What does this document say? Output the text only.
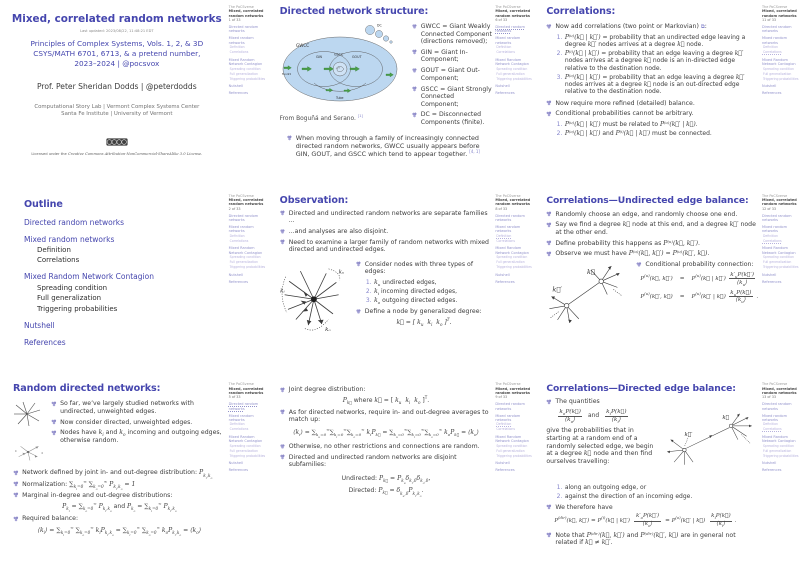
Mixed, correlated random networks
Last updated: 2023/08/22, 11:48:21 EDT
Principles of Complex Systems, Vols. 1, 2, & 3D
CSYS/MATH 6701, 6713, & a pretend number,
2023–2024 | @pocsvox
Prof. Peter Sheridan Dodds | @peterdodds
Computational Story Lab | Vermont Complex Systems Center
Santa Fe Institute | University of Vermont
Licensed under the Creative Commons Attribution-NonCommercial-ShareAlike 3.0 License.
The PoCSverse
Mixed, correlated random networks
1 of 33
Directed random networks
Mixed random networks
Definition
Correlations
Mixed Random Network Contagion
Spreading condition
Full generalization
Triggering probabilities
Nutshell
References
Directed network structure:
GWCC
DC
GIN
GSCC
GOUT
Tendril
Tube
From Boguñá and Serano. [1]
GWCC = Giant Weakly Connected Component (directions removed);
GIN = Giant In-Component;
GOUT = Giant Out-Component;
GSCC = Giant Strongly Connected Component;
DC = Disconnected Components (finite).
When moving through a family of increasingly connected directed random networks, GWCC usually appears before GIN, GOUT, and GSCC which tend to appear together. [4, 1]
The PoCSverse
Mixed, correlated random networks
6 of 33
Directed random networks
Mixed random networks
Definition
Correlations
Mixed Random Network Contagion
Spreading condition
Full generalization
Triggering probabilities
Nutshell
References
Correlations:
Now add correlations (two point or Markovian) ⧉:
1. P⁽ᵘ⁾(k⃗ | k⃗′) = probability that an undirected edge leaving a degree k⃗′ nodes arrives at a degree k⃗ node.
2. P⁽ⁱ⁾(k⃗ | k⃗′) = probability that an edge leaving a degree k⃗′ nodes arrives at a degree k⃗ node is an in-directed edge relative to the destination node.
3. P⁽ᵒ⁾(k⃗ | k⃗′) = probability that an edge leaving a degree k⃗′ nodes arrives at a degree k⃗ node is an out-directed edge relative to the destination node.
Now require more refined (detailed) balance.
Conditional probabilities cannot be arbitrary.
1. P⁽ᵘ⁾(k⃗ | k⃗′) must be related to P⁽ᵘ⁾(k⃗′ | k⃗).
2. P⁽ᵒ⁾(k⃗ | k⃗′) and P⁽ⁱ⁾(k⃗ | k⃗′) must be connected.
The PoCSverse
Mixed, correlated random networks
11 of 33
Directed random networks
Mixed random networks
Definition
Correlations
Mixed Random Network Contagion
Spreading condition
Full generalization
Triggering probabilities
Nutshell
References
Outline
Directed random networks
Mixed random networks
Definition
Correlations
Mixed Random Network Contagion
Spreading condition
Full generalization
Triggering probabilities
Nutshell
References
The PoCSverse
Mixed, correlated random networks
2 of 33
Directed random networks
Mixed random networks
Definition
Correlations
Mixed Random Network Contagion
Spreading condition
Full generalization
Triggering probabilities
Nutshell
References
Observation:
Directed and undirected random networks are separate families ...
...and analyses are also disjoint.
Need to examine a larger family of random networks with mixed directed and undirected edges.
kᵤ
kᵢ
kₒ
Consider nodes with three types of edges:
1. $k_u$ undirected edges,
2. $k_i$ incoming directed edges,
3. $k_o$ outgoing directed edges.
Define a node by generalized degree:
k⃗ = [ $k_u$  $k_i$  $k_o$ ]$^T$.
The PoCSverse
Mixed, correlated random networks
8 of 33
Directed random networks
Mixed random networks
Definition
Correlations
Mixed Random Network Contagion
Spreading condition
Full generalization
Triggering probabilities
Nutshell
References
Correlations—Undirected edge balance:
Randomly choose an edge, and randomly choose one end.
Say we find a degree k⃗ node at this end, and a degree k⃗′ node at the other end.
Define probability this happens as P⁽ᵘ⁾(k⃗, k⃗′).
Observe we must have P⁽ᵘ⁾(k⃗, k⃗′) = P⁽ᵘ⁾(k⃗′, k⃗).
k⃗
k⃗′
Conditional probability connection:
$P^{(u)}(k⃗$, k⃗′) = $P^{(u)}(k⃗$ | k⃗′) $\frac{k'_uP(k⃗')}{⟨k_u⟩}$
$P^{(u)}(k⃗'$, k⃗) = $P^{(u)}(k⃗'$ | k⃗) $\frac{k_uP(k⃗)}{⟨k_u⟩}$ .
The PoCSverse
Mixed, correlated random networks
12 of 33
Directed random networks
Mixed random networks
Definition
Correlations
Mixed Random Network Contagion
Spreading condition
Full generalization
Triggering probabilities
Nutshell
References
Random directed networks:

So far, we’ve largely studied networks with undirected, unweighted edges.
Now consider directed, unweighted edges.
Nodes have $k_i$ and $k_o$ incoming and outgoing edges, otherwise random.
Network defined by joint in- and out-degree distribution: $P_{k_i,k_o}$
Normalization: $\sum_{k_i=0}^\infty$ $\sum_{k_o=0}^\infty$ $P_{k_i,k_o} = 1$
Marginal in-degree and out-degree distributions:
$P_{k_i} = \sum_{k_o=0}^\infty$ $P_{k_i,k_o}$ and $P_{k_o} = \sum_{k_i=0}^\infty$ $P_{k_i,k_o}$
Required balance:
$⟨k_i⟩ = \sum_{k_i=0}^\infty$ $\sum_{k_o=0}^\infty$ $k_iP_{k_i,k_o} = \sum_{k_i=0}^\infty$ $\sum_{k_o=0}^\infty$ $k_oP_{k_i,k_o}$ = $⟨k_o⟩$
The PoCSverse
Mixed, correlated random networks
5 of 33
Directed random networks
Mixed random networks
Definition
Correlations
Mixed Random Network Contagion
Spreading condition
Full generalization
Triggering probabilities
Nutshell
References
Joint degree distribution:
$P_{k⃗}$ where k⃗ = [ $k_u$ $k_i$ $k_o$ ]$^T$.
As for directed networks, require in- and out-degree averages to match up:
$⟨k_i⟩ = \sum_{k_u=0}^\infty\sum_{k_i=0}^\infty\sum_{k_o=0}^\infty$ $k_iP_{k⃗} = \sum_{k_u=0}^\infty\sum_{k_i=0}^\infty\sum_{k_o=0}^\infty$ $k_oP_{k⃗}$ = $⟨k_o⟩$
Otherwise, no other restrictions and connections are random.
Directed and undirected random networks are disjoint subfamilies:
Undirected: $P_{k⃗} = P_{k_u}\delta_{k_i,0}\delta_{k_o,0}$,
Directed: $P_{k⃗} = \delta_{k_u,0}P_{k_i,k_o}$.
The PoCSverse
Mixed, correlated random networks
9 of 33
Directed random networks
Mixed random networks
Definition
Correlations
Mixed Random Network Contagion
Spreading condition
Full generalization
Triggering probabilities
Nutshell
References
Correlations—Directed edge balance:
The quantities
$\frac{k_oP(k⃗)}{⟨k_o⟩}$ and $\frac{k_iP(k⃗)}{⟨k_i⟩}$
give the probabilities that in starting at a random end of a randomly selected edge, we begin at a degree k⃗ node and then find ourselves travelling:
k⃗′
k⃗
1. along an outgoing edge, or
2. against the direction of an incoming edge.
We therefore have
$P^{(dir)}(k⃗$, k⃗′) = $P^{(i)}(k⃗$ | k⃗′) $\frac{k'_oP(k⃗')}{⟨k_o⟩}$ = $P^{(o)}(k⃗'$ | k⃗) $\frac{k_iP(k⃗)}{⟨k_i⟩}$ .
Note that P⁽ᵈⁱʳ⁾(k⃗, k⃗′) and P⁽ᵈⁱʳ⁾(k⃗′, k⃗) are in general not related if k⃗ ≠ k⃗′.
The PoCSverse
Mixed, correlated random networks
13 of 33
Directed random networks
Mixed random networks
Definition
Correlations
Mixed Random Network Contagion
Spreading condition
Full generalization
Triggering probabilities
Nutshell
References
